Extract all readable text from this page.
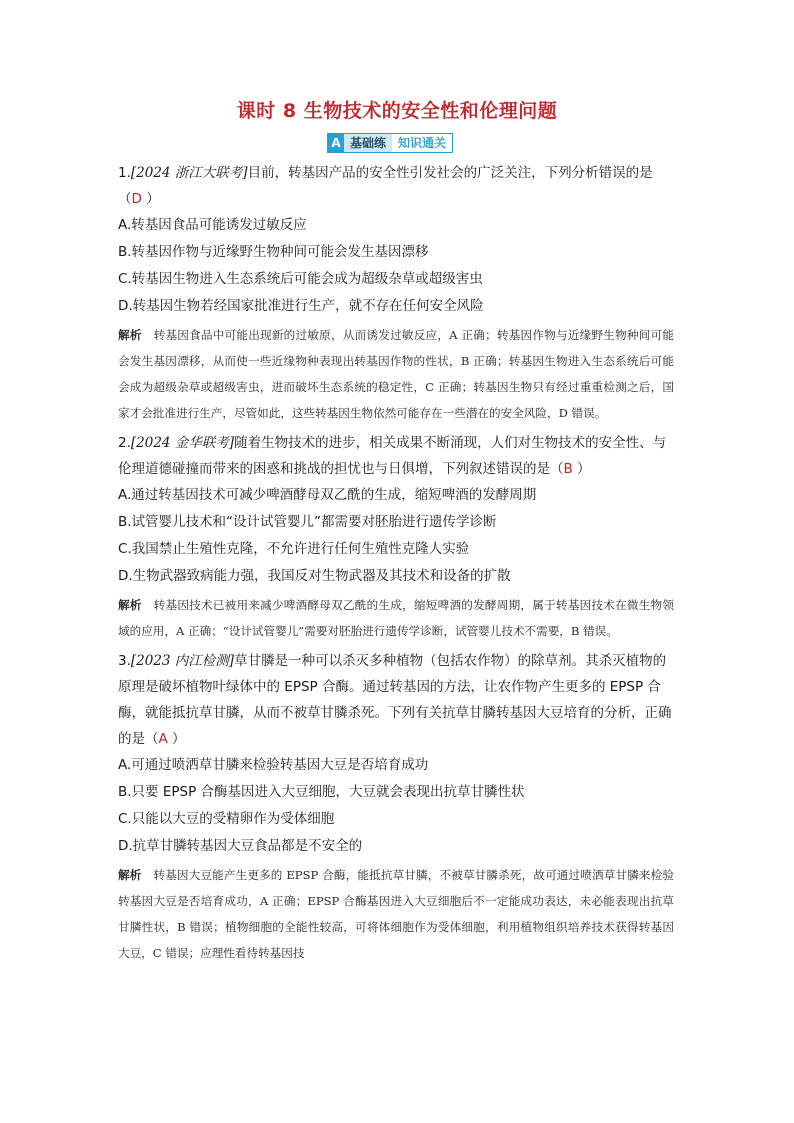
课时 8 生物技术的安全性和伦理问题
A 基础练	知识通关

1.[2024 浙江大联考]目前，转基因产品的安全性引发社会的广泛关注，下列分析错误的是
（D ）

A.转基因食品可能诱发过敏反应

B.转基因作物与近缘野生物种间可能会发生基因漂移

C.转基因生物进入生态系统后可能会成为超级杂草或超级害虫

D.转基因生物若经国家批准进行生产，就不存在任何安全风险

解析 转基因食品中可能出现新的过敏原，从而诱发过敏反应，A 正确；转基因作物与近缘野生物种间可能会发生基因漂移，从而使一些近缘物种表现出转基因作物的性状，B 正确；转基因生物进入生态系统后可能会成为超级杂草或超级害虫，进而破坏生态系统的稳定性，C 正确；转基因生物只有经过重重检测之后，国家才会批准进行生产，尽管如此，这些转基因生物依然可能存在一些潜在的安全风险，D 错误。

2.[2024 金华联考]随着生物技术的进步，相关成果不断涌现，人们对生物技术的安全性、与伦理道德碰撞而带来的困惑和挑战的担忧也与日俱增，下列叙述错误的是（B ）

A.通过转基因技术可减少啤酒酵母双乙酰的生成，缩短啤酒的发酵周期

B.试管婴儿技术和“设计试管婴儿”都需要对胚胎进行遗传学诊断

C.我国禁止生殖性克隆，不允许进行任何生殖性克隆人实验

D.生物武器致病能力强，我国反对生物武器及其技术和设备的扩散

解析 转基因技术已被用来减少啤酒酵母双乙酰的生成，缩短啤酒的发酵周期，属于转基因技术在微生物领域的应用，A 正确；“设计试管婴儿”需要对胚胎进行遗传学诊断，试管婴儿技术不需要，B 错误。

3.[2023 内江检测]草甘膦是一种可以杀灭多种植物（包括农作物）的除草剂。其杀灭植物的原理是破坏植物叶绿体中的 EPSP 合酶。通过转基因的方法，让农作物产生更多的 EPSP 合酶，就能抵抗草甘膦，从而不被草甘膦杀死。下列有关抗草甘膦转基因大豆培育的分析，正确的是（A ）

A.可通过喷洒草甘膦来检验转基因大豆是否培育成功

B.只要 EPSP 合酶基因进入大豆细胞，大豆就会表现出抗草甘膦性状

C.只能以大豆的受精卵作为受体细胞

D.抗草甘膦转基因大豆食品都是不安全的

解析 转基因大豆能产生更多的 EPSP 合酶，能抵抗草甘膦，不被草甘膦杀死，故可通过喷洒草甘膦来检验转基因大豆是否培育成功，A 正确；EPSP 合酶基因进入大豆细胞后不一定能成功表达，未必能表现出抗草甘膦性状，B 错误；植物细胞的全能性较高，可将体细胞作为受体细胞，利用植物组织培养技术获得转基因大豆，C 错误；应理性看待转基因技
